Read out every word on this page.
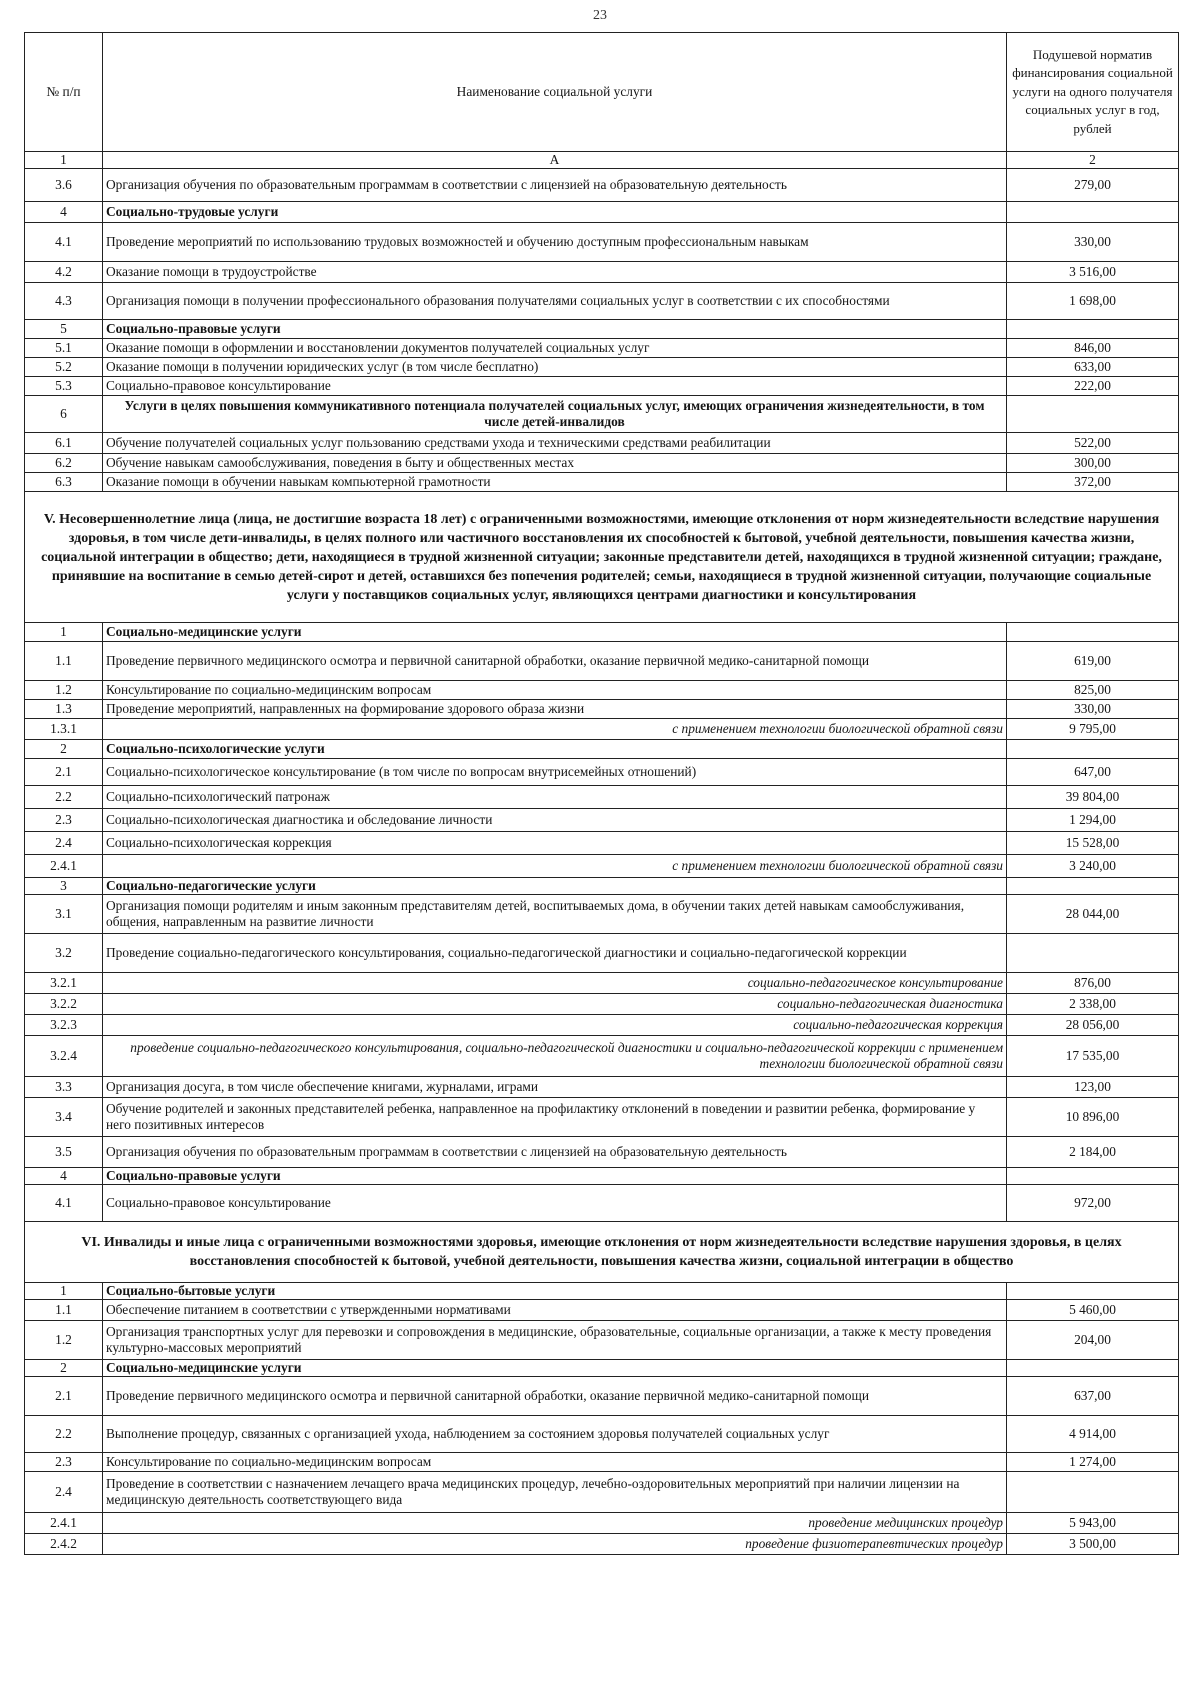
23
№ п/п	Наименование социальной услуги	Подушевой норматив финансирования социальной услуги на одного получателя социальных услуг в год, рублей
1	А	2
3.6	Организация обучения по образовательным программам в соответствии с лицензией на образовательную деятельность	279,00
4	Социально-трудовые услуги	
4.1	Проведение мероприятий по использованию трудовых возможностей и обучению доступным профессиональным навыкам	330,00
4.2	Оказание помощи в трудоустройстве	3 516,00
4.3	Организация помощи в получении профессионального образования получателями социальных услуг в соответствии с их способностями	1 698,00
5	Социально-правовые услуги	
5.1	Оказание помощи в оформлении и восстановлении документов получателей социальных услуг	846,00
5.2	Оказание помощи в получении юридических услуг (в том числе бесплатно)	633,00
5.3	Социально-правовое консультирование	222,00
6	Услуги в целях повышения коммуникативного потенциала получателей социальных услуг, имеющих ограничения жизнедеятельности, в том числе детей-инвалидов	
6.1	Обучение получателей социальных услуг пользованию средствами ухода и техническими средствами реабилитации	522,00
6.2	Обучение навыкам самообслуживания, поведения в быту и общественных местах	300,00
6.3	Оказание помощи в обучении навыкам компьютерной грамотности	372,00
V. Несовершеннолетние лица (лица, не достигшие возраста 18 лет) с ограниченными возможностями, имеющие отклонения от норм жизнедеятельности вследствие нарушения здоровья, в том числе дети-инвалиды, в целях полного или частичного восстановления их способностей к бытовой, учебной деятельности, повышения качества жизни, социальной интеграции в общество; дети, находящиеся в трудной жизненной ситуации; законные представители детей, находящихся в трудной жизненной ситуации; граждане, принявшие на воспитание в семью детей-сирот и детей, оставшихся без попечения родителей; семьи, находящиеся в трудной жизненной ситуации, получающие социальные услуги у поставщиков социальных услуг, являющихся центрами диагностики и консультирования		
1	Социально-медицинские услуги	
1.1	Проведение первичного медицинского осмотра и первичной санитарной обработки, оказание первичной медико-санитарной помощи	619,00
1.2	Консультирование по социально-медицинским вопросам	825,00
1.3	Проведение мероприятий, направленных на формирование здорового образа жизни	330,00
1.3.1	с применением технологии биологической обратной связи	9 795,00
2	Социально-психологические услуги	
2.1	Социально-психологическое консультирование (в том числе по вопросам внутрисемейных отношений)	647,00
2.2	Социально-психологический патронаж	39 804,00
2.3	Социально-психологическая диагностика и обследование личности	1 294,00
2.4	Социально-психологическая коррекция	15 528,00
2.4.1	с применением технологии биологической обратной связи	3 240,00
3	Социально-педагогические услуги	
3.1	Организация помощи родителям и иным законным представителям детей, воспитываемых дома, в обучении таких детей навыкам самообслуживания, общения, направленным на развитие личности	28 044,00
3.2	Проведение социально-педагогического консультирования, социально-педагогической диагностики и социально-педагогической коррекции	
3.2.1	социально-педагогическое консультирование	876,00
3.2.2	социально-педагогическая диагностика	2 338,00
3.2.3	социально-педагогическая коррекция	28 056,00
3.2.4	проведение социально-педагогического консультирования, социально-педагогической диагностики и социально-педагогической коррекции с применением технологии биологической обратной связи	17 535,00
3.3	Организация досуга, в том числе обеспечение книгами, журналами, играми	123,00
3.4	Обучение родителей и законных представителей ребенка, направленное на профилактику отклонений в поведении и развитии ребенка, формирование у него позитивных интересов	10 896,00
3.5	Организация обучения по образовательным программам в соответствии с лицензией на образовательную деятельность	2 184,00
4	Социально-правовые услуги	
4.1	Социально-правовое консультирование	972,00
VI. Инвалиды и иные лица с ограниченными возможностями здоровья, имеющие отклонения от норм жизнедеятельности вследствие нарушения здоровья, в целях восстановления способностей к бытовой, учебной деятельности, повышения качества жизни, социальной интеграции в общество		
1	Социально-бытовые услуги	
1.1	Обеспечение питанием в соответствии с утвержденными нормативами	5 460,00
1.2	Организация транспортных услуг для перевозки и сопровождения в медицинские, образовательные, социальные организации, а также к месту проведения культурно-массовых мероприятий	204,00
2	Социально-медицинские услуги	
2.1	Проведение первичного медицинского осмотра и первичной санитарной обработки, оказание первичной медико-санитарной помощи	637,00
2.2	Выполнение процедур, связанных с организацией ухода, наблюдением за состоянием здоровья получателей социальных услуг	4 914,00
2.3	Консультирование по социально-медицинским вопросам	1 274,00
2.4	Проведение в соответствии с назначением лечащего врача медицинских процедур, лечебно-оздоровительных мероприятий при наличии лицензии на медицинскую деятельность соответствующего вида	
2.4.1	проведение медицинских процедур	5 943,00
2.4.2	проведение физиотерапевтических процедур	3 500,00
